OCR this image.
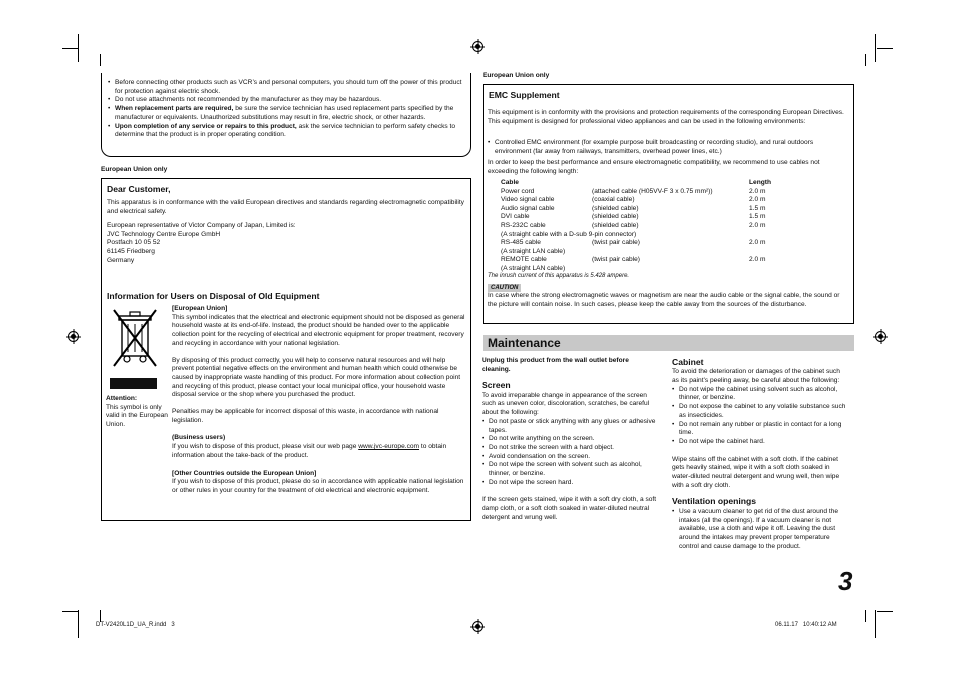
• Before connecting other products such as VCR’s and personal computers, you should turn off the power of this product for protection against electric shock.
• Do not use attachments not recommended by the manufacturer as they may be hazardous.
• When replacement parts are required, be sure the service technician has used replacement parts specified by the manufacturer or equivalents. Unauthorized substitutions may result in fire, electric shock, or other hazards.
• Upon completion of any service or repairs to this product, ask the service technician to perform safety checks to determine that the product is in proper operating condition.
European Union only
Dear Customer,

This apparatus is in conformance with the valid European directives and standards regarding electromagnetic compatibility and electrical safety.

European representative of Victor Company of Japan, Limited is:

JVC Technology Centre Europe GmbH

Postfach 10 05 52

61145 Friedberg

Germany

Information for Users on Disposal of Old Equipment

[European Union]

This symbol indicates that the electrical and electronic equipment should not be disposed as general household waste at its end-of-life. Instead, the product should be handed over to the applicable collection point for the recycling of electrical and electronic equipment for proper treatment, recovery and recycling in accordance with your national legislation.

By disposing of this product correctly, you will help to conserve natural resources and will help prevent potential negative effects on the environment and human health which could otherwise be caused by inappropriate waste handling of this product. For more information about collection point and recycling of this product, please contact your local municipal office, your household waste disposal service or the shop where you purchased the product.

Penalties may be applicable for incorrect disposal of this waste, in accordance with national legislation.

(Business users)

If you wish to dispose of this product, please visit our web page www.jvc-europe.com to obtain information about the take-back of the product.

[Other Countries outside the European Union]

If you wish to dispose of this product, please do so in accordance with applicable national legislation or other rules in your country for the treatment of old electrical and electronic equipment.

Attention:

This symbol is only valid in the European Union.

European Union only
EMC Supplement

This equipment is in conformity with the provisions and protection requirements of the corresponding European Directives. This equipment is designed for professional video appliances and can be used in the following environments:

• Controlled EMC environment (for example purpose built broadcasting or recording studio), and rural outdoors environment (far away from railways, transmitters, overhead power lines, etc.)

In order to keep the best performance and ensure electromagnetic compatibility, we recommend to use cables not exceeding the following length:

Cable	Length
Power cord	(attached cable (H05VV-F 3 x 0.75 mm²))	2.0 m
Video signal cable	(coaxial cable)	2.0 m
Audio signal cable	(shielded cable)	1.5 m
DVI cable	(shielded cable)	1.5 m
RS-232C cable	(shielded cable)	2.0 m
(A straight cable with a D-sub 9-pin connector)
RS-485 cable	(twist pair cable)	2.0 m
(A straight LAN cable)
REMOTE cable	(twist pair cable)	2.0 m
(A straight LAN cable)

The inrush current of this apparatus is 5.428 ampere.

CAUTION

In case where the strong electromagnetic waves or magnetism are near the audio cable or the signal cable, the sound or the picture will contain noise. In such cases, please keep the cable away from the sources of the disturbance.

Maintenance

Unplug this product from the wall outlet before cleaning.

Screen

To avoid irreparable change in appearance of the screen such as uneven color, discoloration, scratches, be careful about the following:

• Do not paste or stick anything with any glues or adhesive tapes.
• Do not write anything on the screen.
• Do not strike the screen with a hard object.
• Avoid condensation on the screen.
• Do not wipe the screen with solvent such as alcohol, thinner, or benzine.
• Do not wipe the screen hard.

If the screen gets stained, wipe it with a soft dry cloth, a soft damp cloth, or a soft cloth soaked in water-diluted neutral detergent and wrung well.

Cabinet

To avoid the deterioration or damages of the cabinet such as its paint’s peeling away, be careful about the following:

• Do not wipe the cabinet using solvent such as alcohol, thinner, or benzine.
• Do not expose the cabinet to any volatile substance such as insecticides.
• Do not remain any rubber or plastic in contact for a long time.
• Do not wipe the cabinet hard.

Wipe stains off the cabinet with a soft cloth. If the cabinet gets heavily stained, wipe it with a soft cloth soaked in water-diluted neutral detergent and wrung well, then wipe with a soft dry cloth.

Ventilation openings
• Use a vacuum cleaner to get rid of the dust around the intakes (all the openings). If a vacuum cleaner is not available, use a cloth and wipe it off. Leaving the dust around the intakes may prevent proper temperature control and cause damage to the product.
3
DT-V2420L1D_UA_R.indd   3	06.11.17   10:40:12 AM
